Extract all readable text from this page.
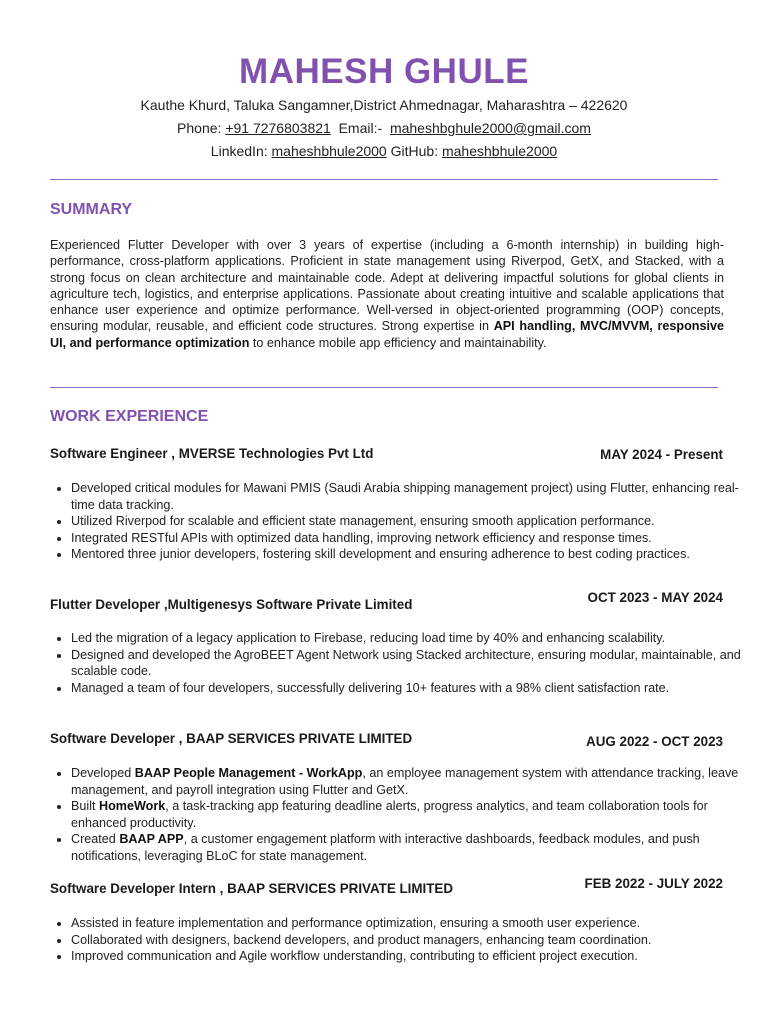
MAHESH GHULE
Kauthe Khurd, Taluka Sangamner,District Ahmednagar, Maharashtra – 422620
Phone: +91 7276803821 Email:- maheshbghule2000@gmail.com
LinkedIn: maheshbhule2000 GitHub: maheshbhule2000
SUMMARY
Experienced Flutter Developer with over 3 years of expertise (including a 6-month internship) in building high-performance, cross-platform applications. Proficient in state management using Riverpod, GetX, and Stacked, with a strong focus on clean architecture and maintainable code. Adept at delivering impactful solutions for global clients in agriculture tech, logistics, and enterprise applications. Passionate about creating intuitive and scalable applications that enhance user experience and optimize performance. Well-versed in object-oriented programming (OOP) concepts, ensuring modular, reusable, and efficient code structures. Strong expertise in API handling, MVC/MVVM, responsive UI, and performance optimization to enhance mobile app efficiency and maintainability.
WORK EXPERIENCE
Software Engineer , MVERSE Technologies Pvt Ltd	MAY 2024 - Present
• Developed critical modules for Mawani PMIS (Saudi Arabia shipping management project) using Flutter, enhancing real-time data tracking.
• Utilized Riverpod for scalable and efficient state management, ensuring smooth application performance.
• Integrated RESTful APIs with optimized data handling, improving network efficiency and response times.
• Mentored three junior developers, fostering skill development and ensuring adherence to best coding practices.
Flutter Developer ,Multigenesys Software Private Limited	OCT 2023 - MAY 2024
• Led the migration of a legacy application to Firebase, reducing load time by 40% and enhancing scalability.
• Designed and developed the AgroBEET Agent Network using Stacked architecture, ensuring modular, maintainable, and scalable code.
• Managed a team of four developers, successfully delivering 10+ features with a 98% client satisfaction rate.
Software Developer , BAAP SERVICES PRIVATE LIMITED	AUG 2022 - OCT 2023
• Developed BAAP People Management - WorkApp, an employee management system with attendance tracking, leave management, and payroll integration using Flutter and GetX.
• Built HomeWork, a task-tracking app featuring deadline alerts, progress analytics, and team collaboration tools for enhanced productivity.
• Created BAAP APP, a customer engagement platform with interactive dashboards, feedback modules, and push notifications, leveraging BLoC for state management.
Software Developer Intern , BAAP SERVICES PRIVATE LIMITED	FEB 2022 - JULY 2022
• Assisted in feature implementation and performance optimization, ensuring a smooth user experience.
• Collaborated with designers, backend developers, and product managers, enhancing team coordination.
• Improved communication and Agile workflow understanding, contributing to efficient project execution.
